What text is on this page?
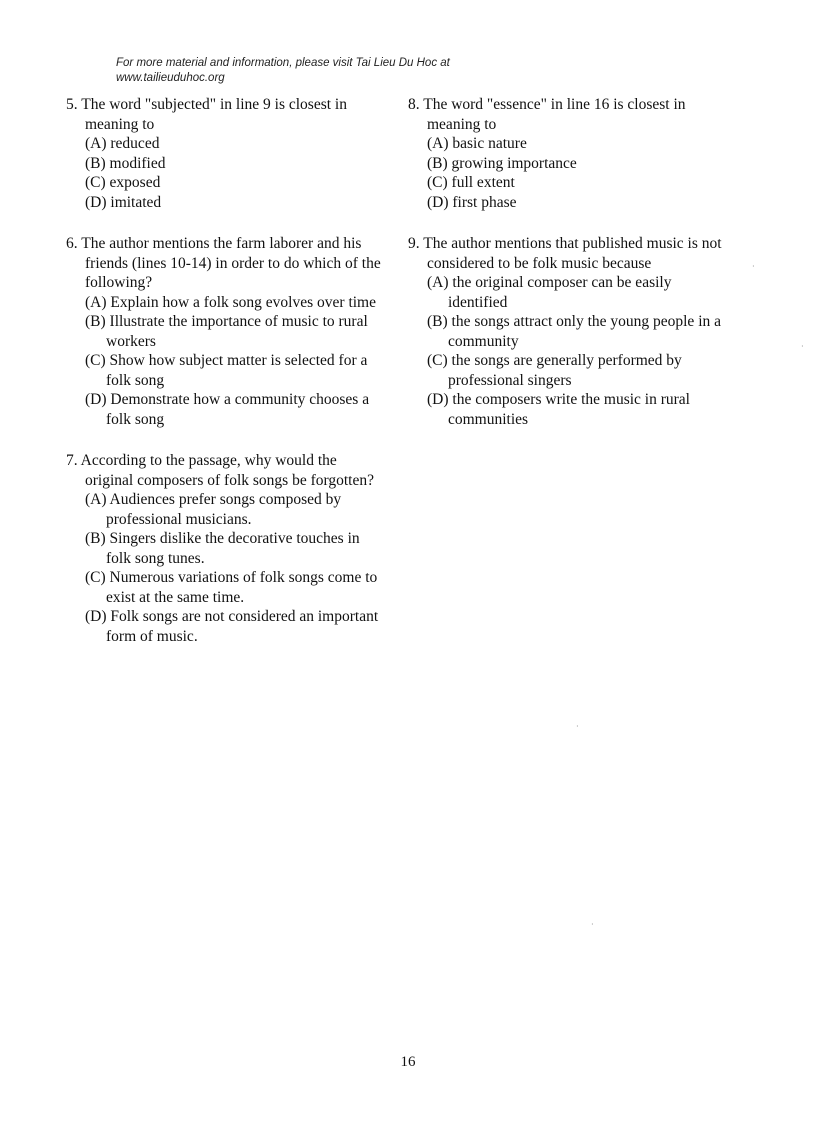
For more material and information, please visit Tai Lieu Du Hoc at
www.tailieuduhoc.org
5. The word "subjected" in line 9 is closest in meaning to
(A) reduced
(B) modified
(C) exposed
(D) imitated
6. The author mentions the farm laborer and his friends (lines 10-14) in order to do which of the following?
(A) Explain how a folk song evolves over time
(B) Illustrate the importance of music to rural workers
(C) Show how subject matter is selected for a folk song
(D) Demonstrate how a community chooses a folk song
7. According to the passage, why would the original composers of folk songs be forgotten?
(A) Audiences prefer songs composed by professional musicians.
(B) Singers dislike the decorative touches in folk song tunes.
(C) Numerous variations of folk songs come to exist at the same time.
(D) Folk songs are not considered an important form of music.
8. The word "essence" in line 16 is closest in meaning to
(A) basic nature
(B) growing importance
(C) full extent
(D) first phase
9. The author mentions that published music is not considered to be folk music because
(A) the original composer can be easily identified
(B) the songs attract only the young people in a community
(C) the songs are generally performed by professional singers
(D) the composers write the music in rural communities
·
·
·
·
16
